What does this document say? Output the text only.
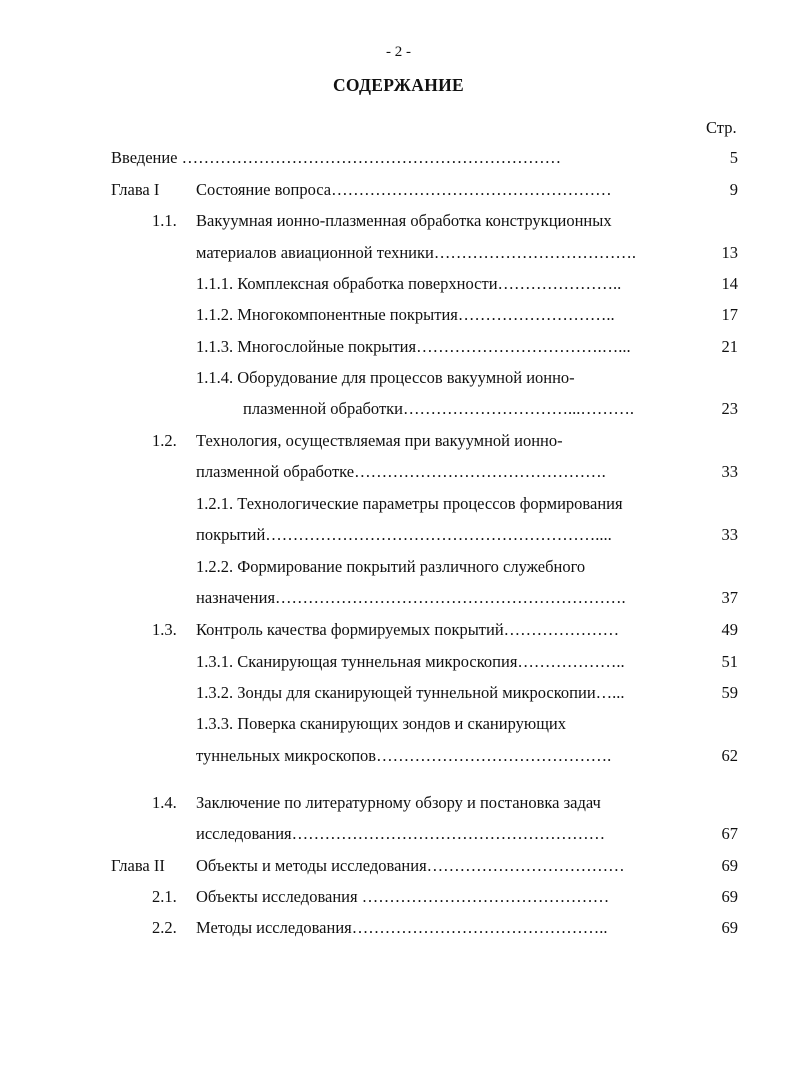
- 2 -
СОДЕРЖАНИЕ
Стр.
Введение ……………………………………………………………	5
Глава I Состояние вопроса……………………………………………	9
1.1. Вакуумная ионно-плазменная обработка конструкционных
материалов авиационной техники……………………………….	13
1.1.1. Комплексная обработка поверхности…………………..	14
1.1.2. Многокомпонентные покрытия………………………..	17
1.1.3. Многослойные покрытия…………………………….…...	21
1.1.4. Оборудование для процессов вакуумной ионно-
плазменной обработки…………………………...……….	23
1.2. Технология, осуществляемая при вакуумной ионно-
плазменной обработке……………………………………….	33
1.2.1. Технологические параметры процессов формирования
покрытий……………………………………………………....	33
1.2.2. Формирование покрытий различного служебного
назначения……………………………………………………….	37
1.3. Контроль качества формируемых покрытий…………………	49
1.3.1. Сканирующая туннельная микроскопия………………..	51
1.3.2. Зонды для сканирующей туннельной микроскопии…...	59
1.3.3. Поверка сканирующих зондов и сканирующих
туннельных микроскопов…………………………………….	62
1.4. Заключение по литературному обзору и постановка задач
исследования…………………………………………………	67
Глава II Объекты и методы исследования………………………………	69
2.1. Объекты исследования ………………………………………	69
2.2. Методы исследования………………………………………..	69
